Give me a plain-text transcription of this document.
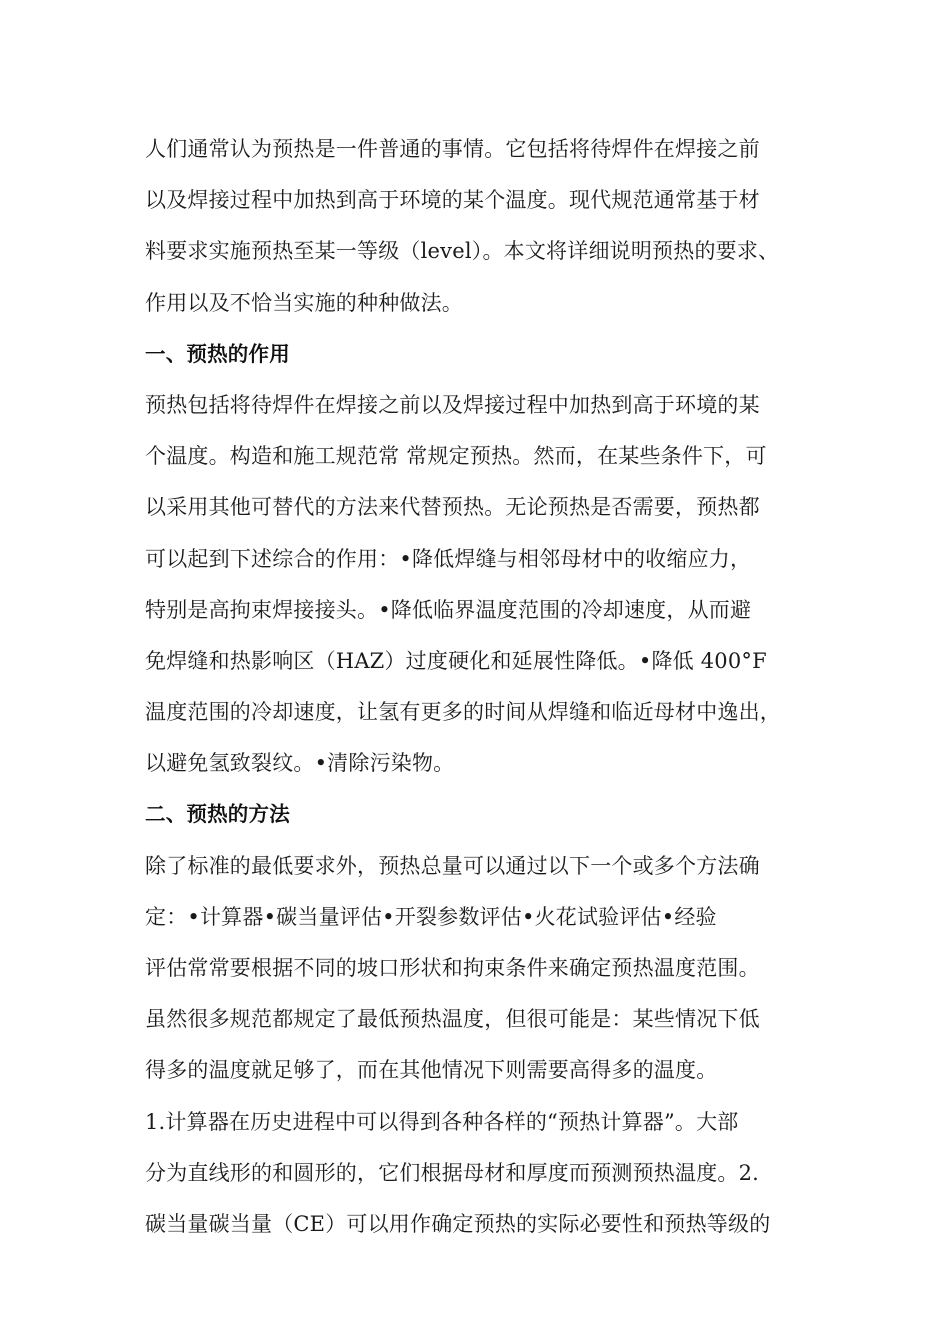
人们通常认为预热是一件普通的事情。它包括将待焊件在焊接之前
以及焊接过程中加热到高于环境的某个温度。现代规范通常基于材
料要求实施预热至某一等级（level）。本文将详细说明预热的要求、
作用以及不恰当实施的种种做法。
一、预热的作用
预热包括将待焊件在焊接之前以及焊接过程中加热到高于环境的某
个温度。构造和施工规范常 常规定预热。然而，在某些条件下，可
以采用其他可替代的方法来代替预热。无论预热是否需要，预热都
可以起到下述综合的作用：•降低焊缝与相邻母材中的收缩应力，
特别是高拘束焊接接头。•降低临界温度范围的冷却速度，从而避
免焊缝和热影响区（HAZ）过度硬化和延展性降低。•降低 400°F
温度范围的冷却速度，让氢有更多的时间从焊缝和临近母材中逸出，
以避免氢致裂纹。•清除污染物。
二、预热的方法
除了标准的最低要求外，预热总量可以通过以下一个或多个方法确
定：•计算器•碳当量评估•开裂参数评估•火花试验评估•经验
评估常常要根据不同的坡口形状和拘束条件来确定预热温度范围。
虽然很多规范都规定了最低预热温度，但很可能是：某些情况下低
得多的温度就足够了，而在其他情况下则需要高得多的温度。
1.计算器在历史进程中可以得到各种各样的“预热计算器”。大部
分为直线形的和圆形的，它们根据母材和厚度而预测预热温度。2.
碳当量碳当量（CE）可以用作确定预热的实际必要性和预热等级的
